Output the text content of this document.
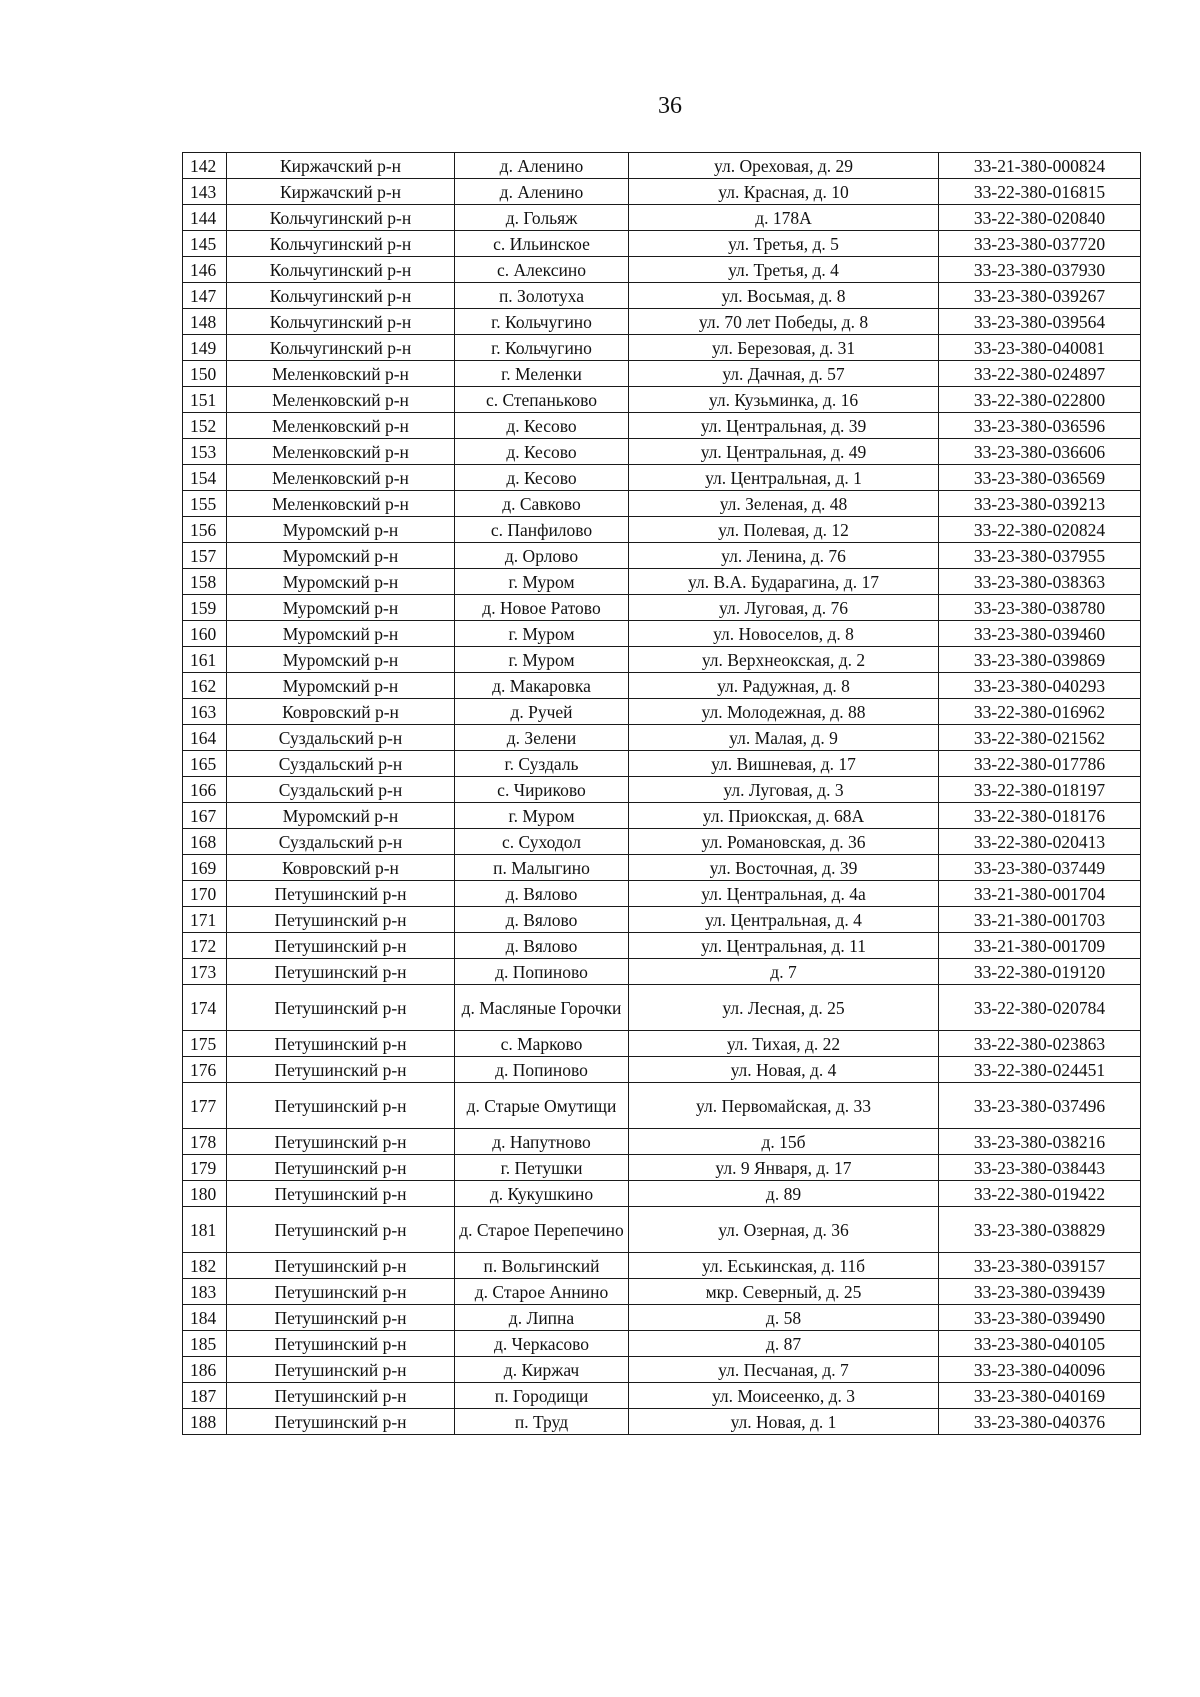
36
142	Киржачский р-н	д. Аленино	ул. Ореховая, д. 29	33-21-380-000824
143	Киржачский р-н	д. Аленино	ул. Красная, д. 10	33-22-380-016815
144	Кольчугинский р-н	д. Гольяж	д. 178А	33-22-380-020840
145	Кольчугинский р-н	с. Ильинское	ул. Третья, д. 5	33-23-380-037720
146	Кольчугинский р-н	с. Алексино	ул. Третья, д. 4	33-23-380-037930
147	Кольчугинский р-н	п. Золотуха	ул. Восьмая, д. 8	33-23-380-039267
148	Кольчугинский р-н	г. Кольчугино	ул. 70 лет Победы, д. 8	33-23-380-039564
149	Кольчугинский р-н	г. Кольчугино	ул. Березовая, д. 31	33-23-380-040081
150	Меленковский р-н	г. Меленки	ул. Дачная, д. 57	33-22-380-024897
151	Меленковский р-н	с. Степаньково	ул. Кузьминка, д. 16	33-22-380-022800
152	Меленковский р-н	д. Кесово	ул. Центральная, д. 39	33-23-380-036596
153	Меленковский р-н	д. Кесово	ул. Центральная, д. 49	33-23-380-036606
154	Меленковский р-н	д. Кесово	ул. Центральная, д. 1	33-23-380-036569
155	Меленковский р-н	д. Савково	ул. Зеленая, д. 48	33-23-380-039213
156	Муромский р-н	с. Панфилово	ул. Полевая, д. 12	33-22-380-020824
157	Муромский р-н	д. Орлово	ул. Ленина, д. 76	33-23-380-037955
158	Муромский р-н	г. Муром	ул. В.А. Бударагина, д. 17	33-23-380-038363
159	Муромский р-н	д. Новое Ратово	ул. Луговая, д. 76	33-23-380-038780
160	Муромский р-н	г. Муром	ул. Новоселов, д. 8	33-23-380-039460
161	Муромский р-н	г. Муром	ул. Верхнеокская, д. 2	33-23-380-039869
162	Муромский р-н	д. Макаровка	ул. Радужная, д. 8	33-23-380-040293
163	Ковровский р-н	д. Ручей	ул. Молодежная, д. 88	33-22-380-016962
164	Суздальский р-н	д. Зелени	ул. Малая, д. 9	33-22-380-021562
165	Суздальский р-н	г. Суздаль	ул. Вишневая, д. 17	33-22-380-017786
166	Суздальский р-н	с. Чириково	ул. Луговая, д. 3	33-22-380-018197
167	Муромский р-н	г. Муром	ул. Приокская, д. 68А	33-22-380-018176
168	Суздальский р-н	с. Суходол	ул. Романовская, д. 36	33-22-380-020413
169	Ковровский р-н	п. Малыгино	ул. Восточная, д. 39	33-23-380-037449
170	Петушинский р-н	д. Вялово	ул. Центральная, д. 4а	33-21-380-001704
171	Петушинский р-н	д. Вялово	ул. Центральная, д. 4	33-21-380-001703
172	Петушинский р-н	д. Вялово	ул. Центральная, д. 11	33-21-380-001709
173	Петушинский р-н	д. Попиново	д. 7	33-22-380-019120
174	Петушинский р-н	д. Масляные Горочки	ул. Лесная, д. 25	33-22-380-020784
175	Петушинский р-н	с. Марково	ул. Тихая, д. 22	33-22-380-023863
176	Петушинский р-н	д. Попиново	ул. Новая, д. 4	33-22-380-024451
177	Петушинский р-н	д. Старые Омутищи	ул. Первомайская, д. 33	33-23-380-037496
178	Петушинский р-н	д. Напутново	д. 15б	33-23-380-038216
179	Петушинский р-н	г. Петушки	ул. 9 Января, д. 17	33-23-380-038443
180	Петушинский р-н	д. Кукушкино	д. 89	33-22-380-019422
181	Петушинский р-н	д. Старое Перепечино	ул. Озерная, д. 36	33-23-380-038829
182	Петушинский р-н	п. Вольгинский	ул. Еськинская, д. 11б	33-23-380-039157
183	Петушинский р-н	д. Старое Аннино	мкр. Северный, д. 25	33-23-380-039439
184	Петушинский р-н	д. Липна	д. 58	33-23-380-039490
185	Петушинский р-н	д. Черкасово	д. 87	33-23-380-040105
186	Петушинский р-н	д. Киржач	ул. Песчаная, д. 7	33-23-380-040096
187	Петушинский р-н	п. Городищи	ул. Моисеенко, д. 3	33-23-380-040169
188	Петушинский р-н	п. Труд	ул. Новая, д. 1	33-23-380-040376
